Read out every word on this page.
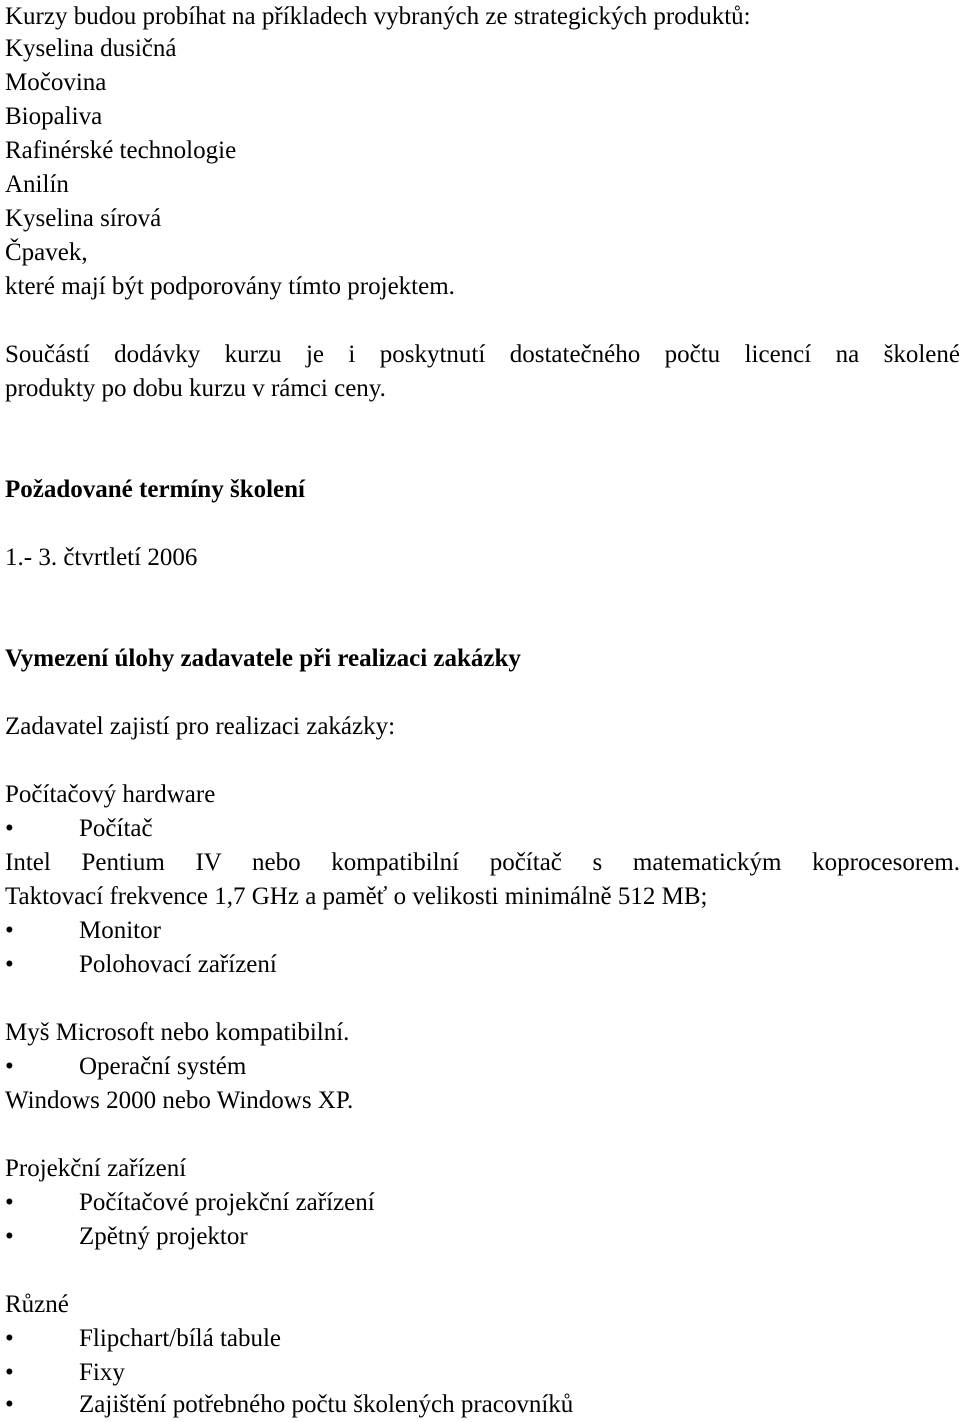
Kurzy budou probíhat na příkladech vybraných ze strategických produktů:
Kyselina dusičná
Močovina
Biopaliva
Rafinérské technologie
Anilín
Kyselina sírová
Čpavek,
které mají být podporovány tímto projektem.
Součástí dodávky kurzu je i poskytnutí dostatečného počtu licencí na školené
produkty po dobu kurzu v rámci ceny.
Požadované termíny školení
1.- 3. čtvrtletí 2006
Vymezení úlohy zadavatele při realizaci zakázky
Zadavatel zajistí pro realizaci zakázky:
Počítačový hardware
•	Počítač
Intel Pentium IV nebo kompatibilní počítač s matematickým koprocesorem.
Taktovací frekvence 1,7 GHz a paměť o velikosti minimálně 512 MB;
•	Monitor
•	Polohovací zařízení
Myš Microsoft nebo kompatibilní.
•	Operační systém
Windows 2000 nebo Windows XP.
Projekční zařízení
•	Počítačové projekční zařízení
•	Zpětný projektor
Různé
•	Flipchart/bílá tabule
•	Fixy
•	Zajištění potřebného počtu školených pracovníků
